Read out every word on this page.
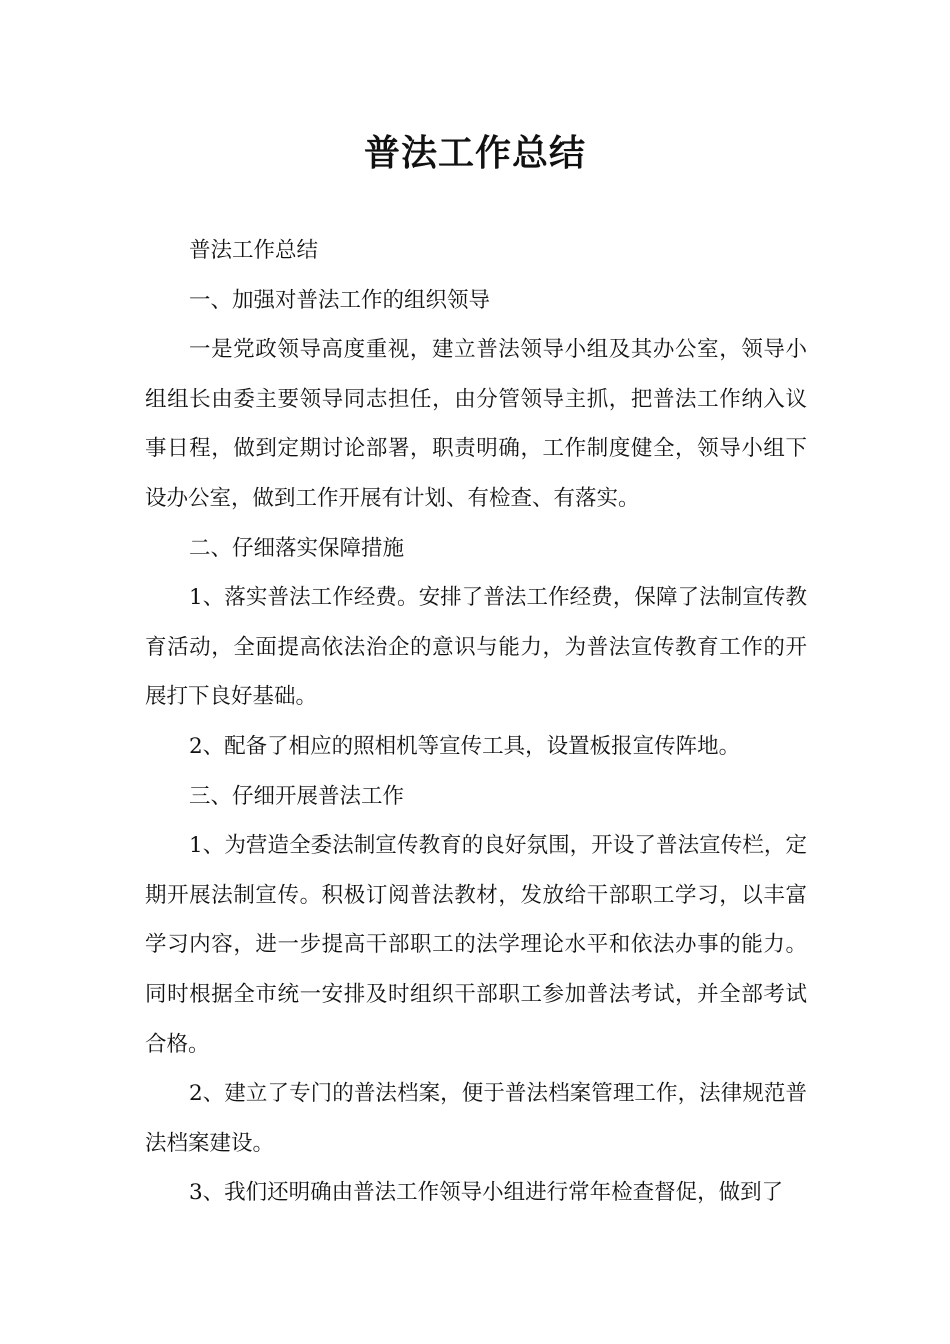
普法工作总结

普法工作总结

一、加强对普法工作的组织领导

一是党政领导高度重视，建立普法领导小组及其办公室，领导小组组长由委主要领导同志担任，由分管领导主抓，把普法工作纳入议事日程，做到定期讨论部署，职责明确，工作制度健全，领导小组下设办公室，做到工作开展有计划、有检查、有落实。

二、仔细落实保障措施

1、落实普法工作经费。安排了普法工作经费，保障了法制宣传教育活动，全面提高依法治企的意识与能力，为普法宣传教育工作的开展打下良好基础。

2、配备了相应的照相机等宣传工具，设置板报宣传阵地。

三、仔细开展普法工作

1、为营造全委法制宣传教育的良好氛围，开设了普法宣传栏，定期开展法制宣传。积极订阅普法教材，发放给干部职工学习，以丰富学习内容，进一步提高干部职工的法学理论水平和依法办事的能力。同时根据全市统一安排及时组织干部职工参加普法考试，并全部考试合格。

2、建立了专门的普法档案，便于普法档案管理工作，法律规范普法档案建设。

3、我们还明确由普法工作领导小组进行常年检查督促，做到了
